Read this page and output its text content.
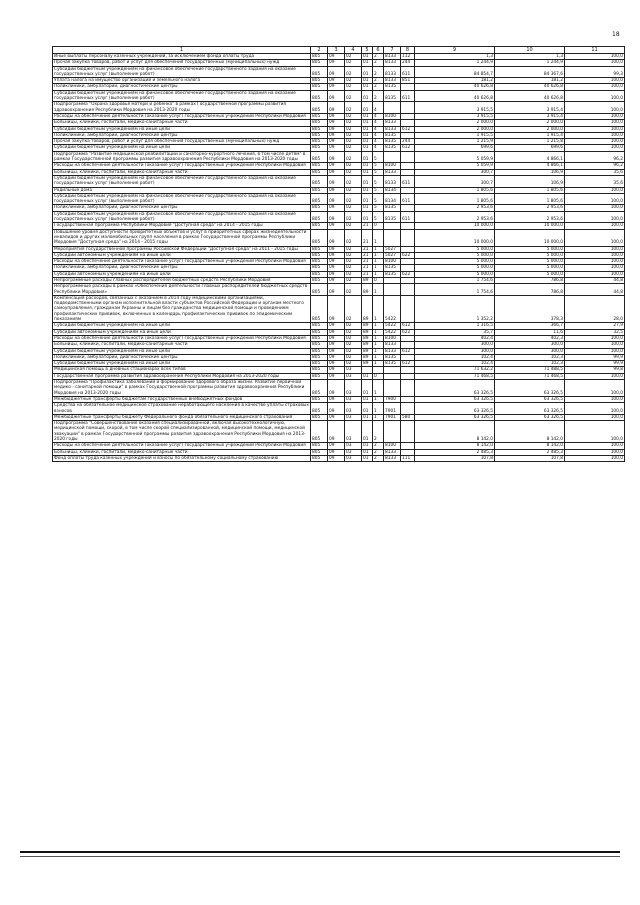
18
1	2	3	4	5	6	7	8	9	10	11
Иные выплаты персоналу казенных учреждений, за исключением фонда оплаты труда	805	09	02	01	2	8133	112	1,3	1,3	100,0
Прочая закупка товаров, работ и услуг для обеспечения государственных (муниципальных) нужд	805	09	02	01	2	8133	244	1 244,9	1 244,9	100,0
Субсидии бюджетным учреждениям на финансовое обеспечение государственного задания на оказание государственных услуг (выполнение работ)	805	09	02	01	2	8133	611	84 854,7	84 367,6	99,3
Уплата налога на имущество организаций и земельного налога	805	09	02	01	2	8133	851	181,2	181,2	100,0
Поликлиники, амбулатории, диагностические центры	805	09	02	01	2	8135		40 626,8	40 626,8	100,0
Субсидии бюджетным учреждениям на финансовое обеспечение государственного задания на оказание государственных услуг (выполнение работ)	805	09	02	01	2	8135	611	40 626,8	40 626,8	100,0
Подпрограмма "Охрана здоровья матери и ребенка" в рамках Государственной программы развития здравоохранения Республики Мордовия на 2013-2020 годы	805	09	02	01	4			3 915,5	3 915,4	100,0
Расходы на обеспечение деятельности (оказание услуг) государственных учреждений Республики Мордовия	805	09	02	01	4	8100		3 915,5	3 915,4	100,0
Больницы, клиники, госпитали, медико-санитарные части	805	09	02	01	4	8133		2 000,0	2 000,0	100,0
Субсидии бюджетным учреждениям на иные цели	805	09	02	01	4	8133	612	2 000,0	2 000,0	100,0
Поликлиники, амбулатории, диагностические центры	805	09	02	01	4	8135		1 915,5	1 915,4	100,0
Прочая закупка товаров, работ и услуг для обеспечения государственных (муниципальных) нужд	805	09	02	01	4	8135	244	1 215,9	1 215,8	100,0
Субсидии бюджетным учреждениям на иные цели	805	09	02	01	4	8135	612	699,6	699,6	100,0
Подпрограмма "Развитие медицинской реабилитации и санаторно-курортного лечения, в том числе детям" в рамках Государственной программы развития здравоохранения Республики Мордовия на 2013-2020 годы	805	09	02	01	5			5 059,9	4 866,1	96,2
Расходы на обеспечение деятельности (оказание услуг) государственных учреждений Республики Мордовия	805	09	02	01	5	8100		5 059,9	4 866,1	96,2
Больницы, клиники, госпитали, медико-санитарные части	805	09	02	01	5	8133		300,7	106,9	35,6
Субсидии бюджетным учреждениям на финансовое обеспечение государственного задания на оказание государственных услуг (выполнение работ)	805	09	02	01	5	8133	611	300,7	106,9	35,6
Родильные дома	805	09	02	01	5	8134		1 805,6	1 805,6	100,0
Субсидии бюджетным учреждениям на финансовое обеспечение государственного задания на оказание государственных услуг (выполнение работ)	805	09	02	01	5	8134	611	1 805,6	1 805,6	100,0
Поликлиники, амбулатории, диагностические центры	805	09	02	01	5	8135		2 953,6	2 953,6	100,0
Субсидии бюджетным учреждениям на финансовое обеспечение государственного задания на оказание государственных услуг (выполнение работ)	805	09	02	01	5	8135	611	2 953,6	2 953,6	100,0
Государственная программа Республики Мордовия "Доступная среда" на 2014 - 2015 годы	805	09	02	21	0			10 000,0	10 000,0	100,0
Повышение уровня доступности приоритетных объектов и услуг в приоритетных сферах жизнедеятельности инвалидов и других маломобильных групп населения в рамках Государственной программы Республики Мордовия "Доступная среда" на 2014 - 2015 годы	805	09	02	21	1			10 000,0	10 000,0	100,0
Мероприятия государственной программы Российской Федерации "Доступная среда" на 2011 - 2015 годы	805	09	02	21	1	5027		5 000,0	5 000,0	100,0
Субсидии автономным учреждениям на иные цели	805	09	02	21	1	5027	622	5 000,0	5 000,0	100,0
Расходы на обеспечение деятельности (оказание услуг) государственных учреждений Республики Мордовия	805	09	02	21	1	8100		5 000,0	5 000,0	100,0
Поликлиники, амбулатории, диагностические центры	805	09	02	21	1	8135		5 000,0	5 000,0	100,0
Субсидии автономным учреждениям на иные цели	805	09	02	21	1	8135	622	5 000,0	5 000,0	100,0
Непрограммные расходы главных распорядителей бюджетных средств Республики Мордовия	805	09	02	89	0			1 754,6	786,8	44,8
Непрограммные расходы в рамках «Обеспечения деятельности главных распорядителей бюджетных средств Республики Мордовия»	805	09	02	89	1			1 754,6	786,8	44,8
Компенсация расходов, связанных с оказанием в 2014 году медицинскими организациями, подведомственными органам исполнительной власти субъектов Российской Федерации и органам местного самоуправления, гражданам Украины и лицам без гражданства медицинской помощи и проведением профилактических прививок, включенных в календарь профилактических прививок по эпидемическим показаниям	805	09	02	89	1	5422		1 352,2	378,3	28,0
Субсидии бюджетным учреждениям на иные цели	805	09	02	89	1	5422	612	1 316,5	366,7	27,9
Субсидии автономным учреждениям на иные цели	805	09	02	89	1	5422	622	35,7	11,6	32,5
Расходы на обеспечение деятельности (оказание услуг) государственных учреждений Республики Мордовия	805	09	02	89	1	8100		402,4	402,3	100,0
Больницы, клиники, госпитали, медико-санитарные части	805	09	02	89	1	8133		300,0	300,0	100,0
Субсидии бюджетным учреждениям на иные цели	805	09	02	89	1	8133	612	300,0	300,0	100,0
Поликлиники, амбулатории, диагностические центры	805	09	02	89	1	8135		102,4	102,3	99,9
Субсидии бюджетным учреждениям на иные цели	805	09	02	89	1	8135	612	102,4	102,3	99,9
Медицинская помощь в дневных стационарах всех типов	805	09	03					71 632,2	71 488,5	99,8
Государственная программа развития здравоохранения Республики Мордовия на 2013-2020 годы	805	09	03	01	0			71 468,5	71 468,5	100,0
Подпрограмма "Профилактика заболеваний и формирование здорового образа жизни. Развитие первичной медико - санитарной помощи" в рамках Государственной программы развития здравоохранения Республики Мордовия на 2013-2020 годы	805	09	03	01	1			63 326,5	63 326,5	100,0
Межбюджетные трансферты бюджетам государственных внебюджетных фондов	805	09	03	01	1	7900		63 326,5	63 326,5	100,0
Средства на обязательное медицинское страхование неработающего населения в качестве уплаты страховых взносов	805	09	03	01	1	7901		63 326,5	63 326,5	100,0
Межбюджетные трансферты бюджету Федерального фонда обязательного медицинского страхования	805	09	03	01	1	7901	580	63 326,5	63 326,5	100,0
Подпрограмма "Совершенствование оказания специализированной, включая высокотехнологичную, медицинской помощи, скорой, в том числе скорой специализированной, медицинской помощи, медицинской эвакуации" в рамках Государственной программы развития здравоохранения Республики Мордовия на 2013-2020 годы	805	09	03	01	2			8 142,0	8 142,0	100,0
Расходы на обеспечение деятельности (оказание услуг) государственных учреждений Республики Мордовия	805	09	03	01	2	8100		8 142,0	8 142,0	100,0
Больницы, клиники, госпитали, медико-санитарные части	805	09	03	01	2	8133		2 485,3	2 485,3	100,0
Фонд оплаты труда казенных учреждений и взносы по обязательному социальному страхованию	805	09	03	01	2	8133	111	107,8	107,8	100,0
